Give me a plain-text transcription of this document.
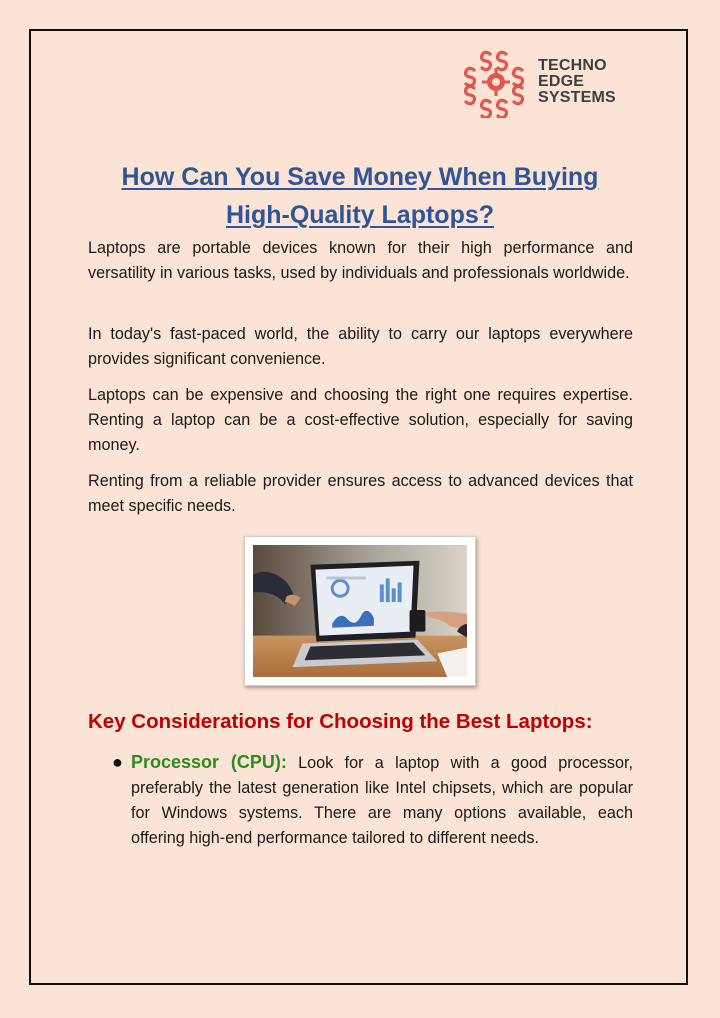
TECHNO
EDGE
SYSTEMS
How Can You Save Money When Buying
High-Quality Laptops?

Laptops are portable devices known for their high performance and versatility in various tasks, used by individuals and professionals worldwide.

In today's fast-paced world, the ability to carry our laptops everywhere provides significant convenience.

Laptops can be expensive and choosing the right one requires expertise. Renting a laptop can be a cost-effective solution, especially for saving money.

Renting from a reliable provider ensures access to advanced devices that meet specific needs.

Key Considerations for Choosing the Best Laptops:
● Processor (CPU): Look for a laptop with a good processor, preferably the latest generation like Intel chipsets, which are popular for Windows systems. There are many options available, each offering high-end performance tailored to different needs.
